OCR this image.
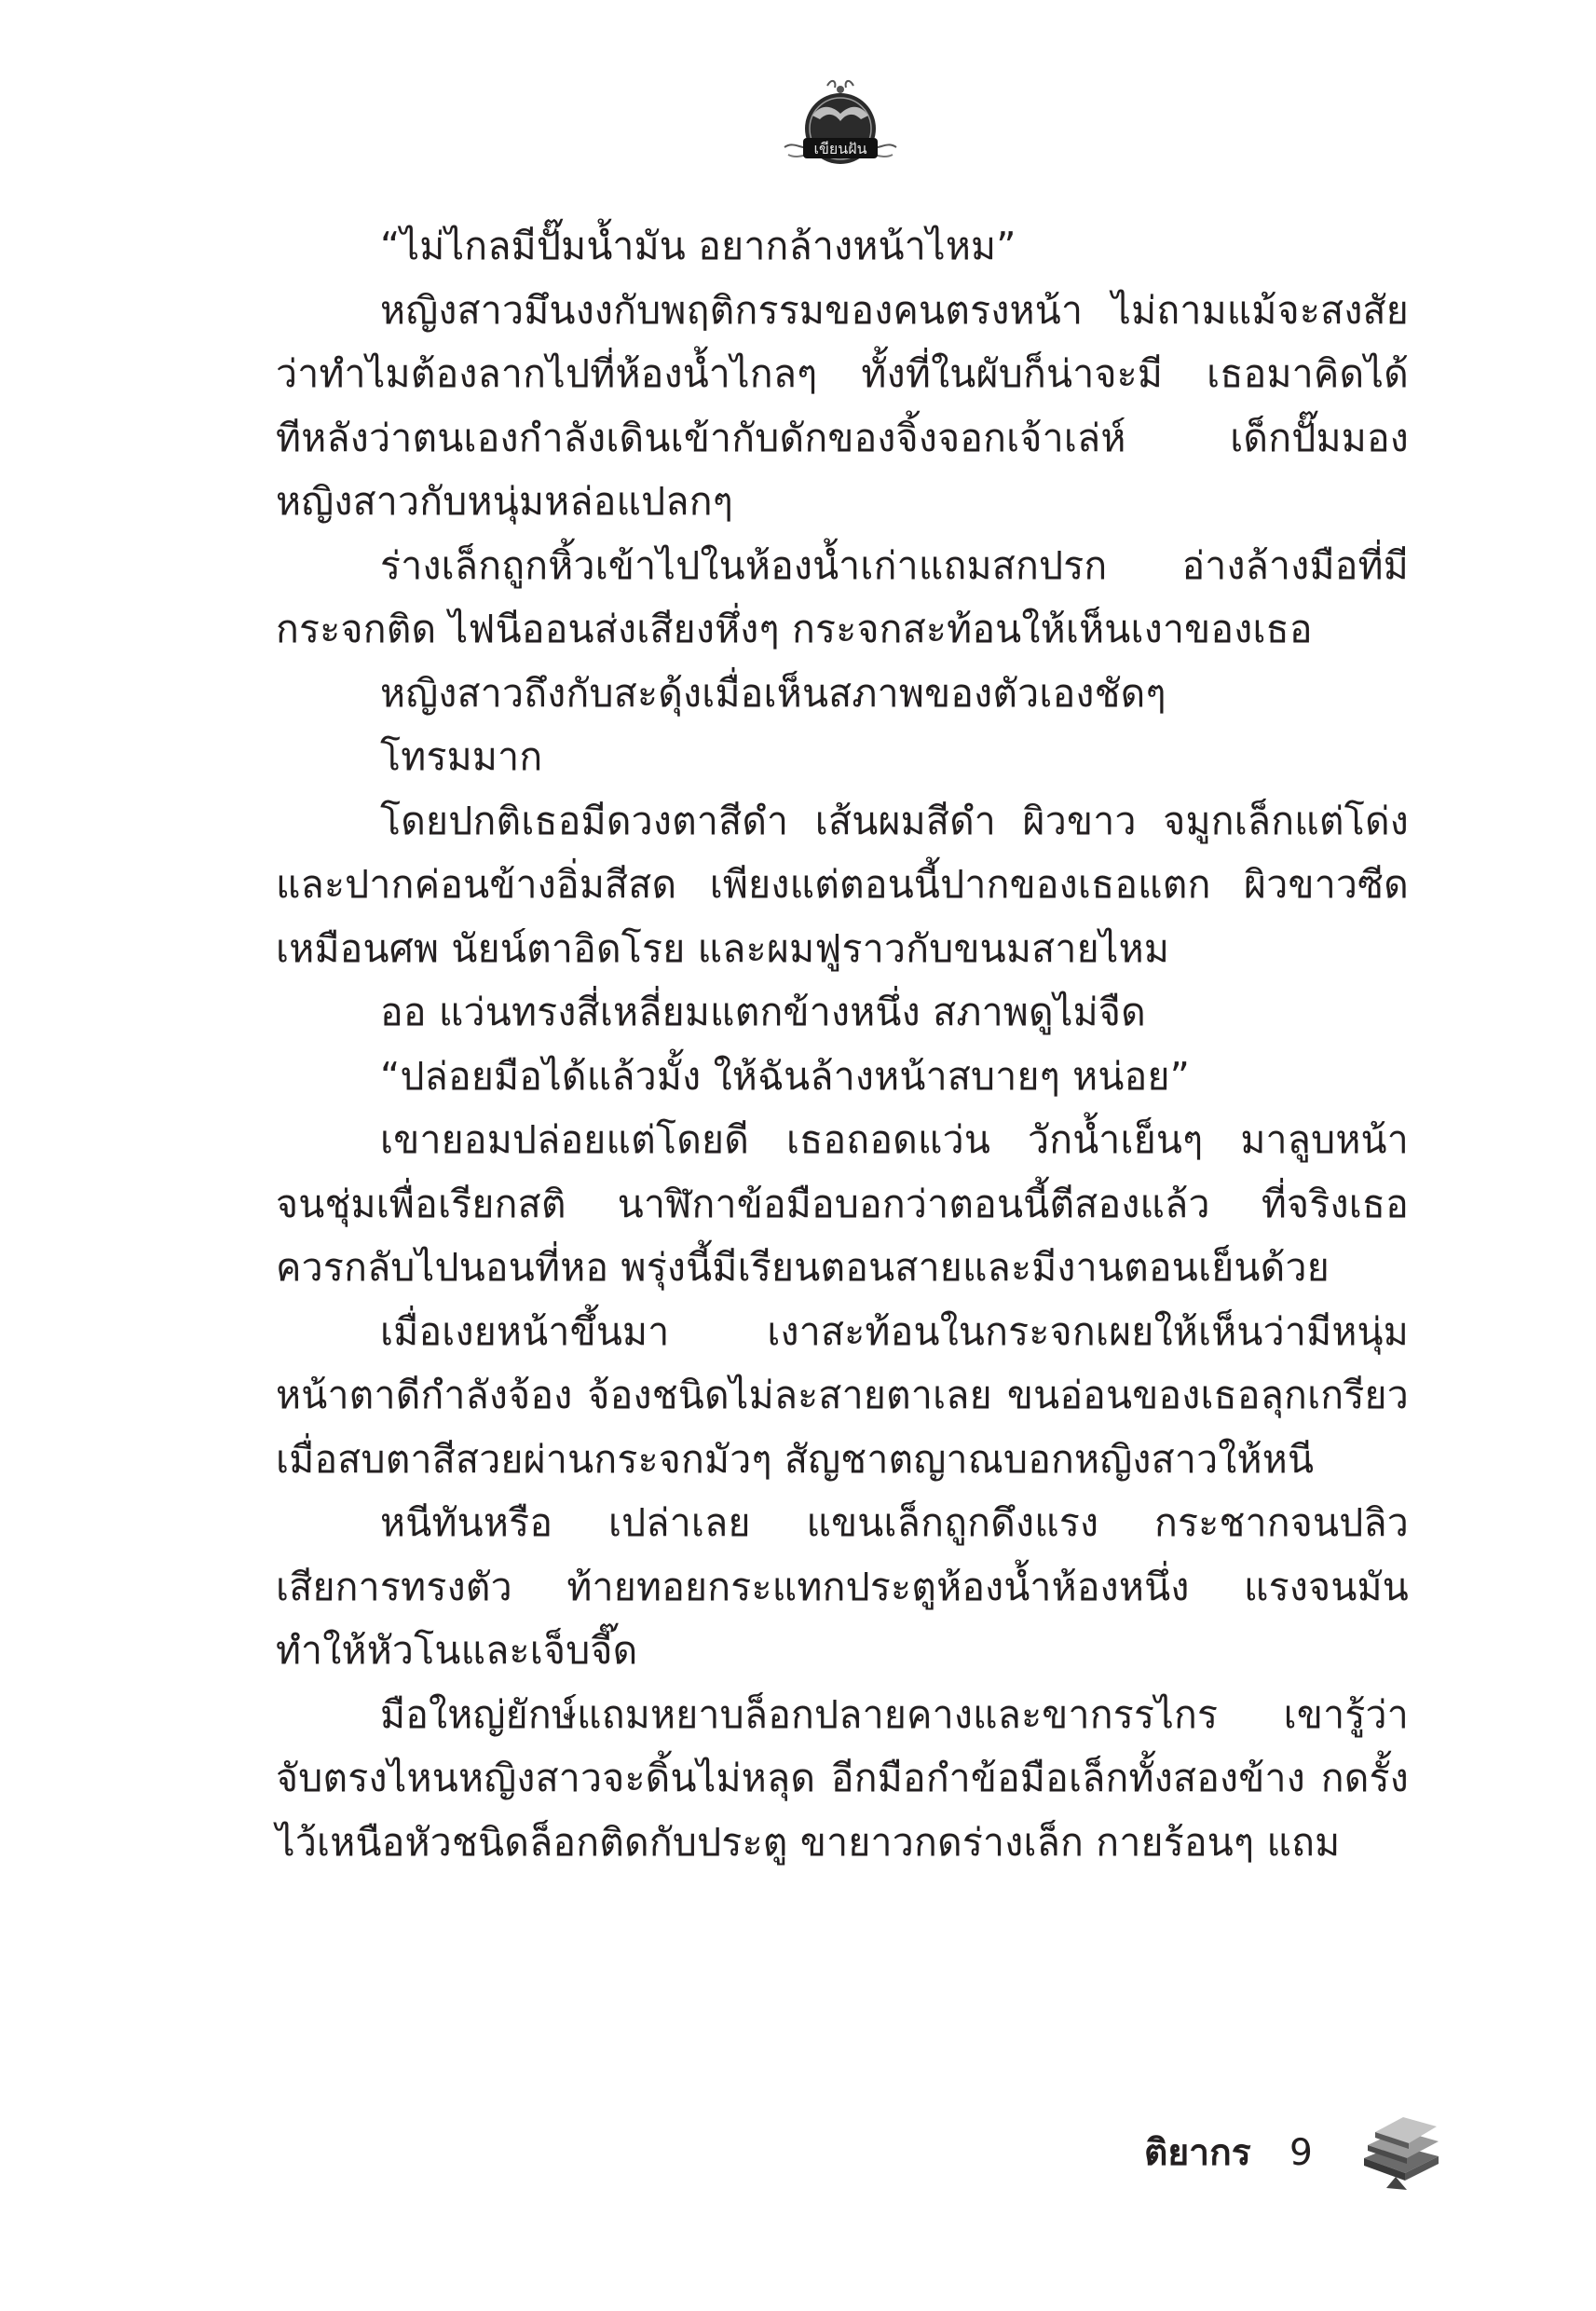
เขียนฝัน
“ไม่ไกลมีปั๊มน้ำมัน อยากล้างหน้าไหม”
หญิงสาวมึนงงกับพฤติกรรมของคนตรงหน้า ไม่ถามแม้จะสงสัย
ว่าทำไมต้องลากไปที่ห้องน้ำไกลๆ ทั้งที่ในผับก็น่าจะมี เธอมาคิดได้
ทีหลังว่าตนเองกำลังเดินเข้ากับดักของจิ้งจอกเจ้าเล่ห์ เด็กปั๊มมอง
หญิงสาวกับหนุ่มหล่อแปลกๆ
ร่างเล็กถูกหิ้วเข้าไปในห้องน้ำเก่าแถมสกปรก อ่างล้างมือที่มี
กระจกติด ไฟนีออนส่งเสียงหึ่งๆ กระจกสะท้อนให้เห็นเงาของเธอ
หญิงสาวถึงกับสะดุ้งเมื่อเห็นสภาพของตัวเองชัดๆ
โทรมมาก
โดยปกติเธอมีดวงตาสีดำ เส้นผมสีดำ ผิวขาว จมูกเล็กแต่โด่ง
และปากค่อนข้างอิ่มสีสด เพียงแต่ตอนนี้ปากของเธอแตก ผิวขาวซีด
เหมือนศพ นัยน์ตาอิดโรย และผมฟูราวกับขนมสายไหม
ออ แว่นทรงสี่เหลี่ยมแตกข้างหนึ่ง สภาพดูไม่จืด
“ปล่อยมือได้แล้วมั้ง ให้ฉันล้างหน้าสบายๆ หน่อย”
เขายอมปล่อยแต่โดยดี เธอถอดแว่น วักน้ำเย็นๆ มาลูบหน้า
จนชุ่มเพื่อเรียกสติ นาฬิกาข้อมือบอกว่าตอนนี้ตีสองแล้ว ที่จริงเธอ
ควรกลับไปนอนที่หอ พรุ่งนี้มีเรียนตอนสายและมีงานตอนเย็นด้วย
เมื่อเงยหน้าขึ้นมา เงาสะท้อนในกระจกเผยให้เห็นว่ามีหนุ่ม
หน้าตาดีกำลังจ้อง จ้องชนิดไม่ละสายตาเลย ขนอ่อนของเธอลุกเกรียว
เมื่อสบตาสีสวยผ่านกระจกมัวๆ สัญชาตญาณบอกหญิงสาวให้หนี
หนีทันหรือ เปล่าเลย แขนเล็กถูกดึงแรง กระชากจนปลิว
เสียการทรงตัว ท้ายทอยกระแทกประตูห้องน้ำห้องหนึ่ง แรงจนมัน
ทำให้หัวโนและเจ็บจี๊ด
มือใหญ่ยักษ์แถมหยาบล็อกปลายคางและขากรรไกร เขารู้ว่า
จับตรงไหนหญิงสาวจะดิ้นไม่หลุด อีกมือกำข้อมือเล็กทั้งสองข้าง กดรั้ง
ไว้เหนือหัวชนิดล็อกติดกับประตู ขายาวกดร่างเล็ก กายร้อนๆ แถม
ติยากร 9
